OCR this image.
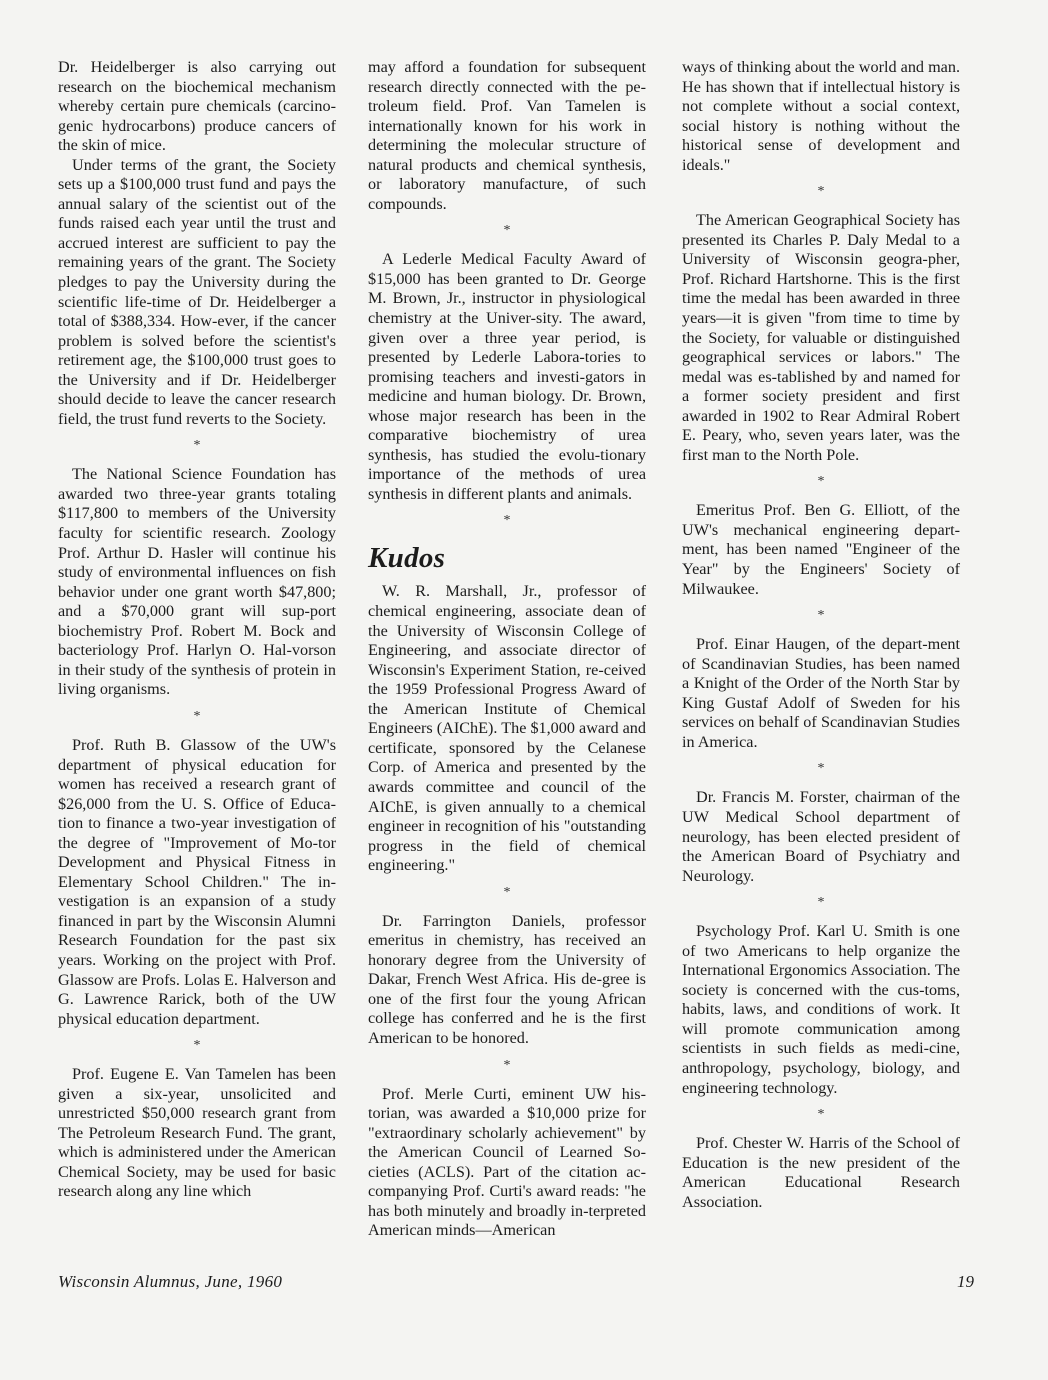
Dr. Heidelberger is also carrying out research on the biochemical mechanism whereby certain pure chemicals (carcino-genic hydrocarbons) produce cancers of the skin of mice.

Under terms of the grant, the Society sets up a $100,000 trust fund and pays the annual salary of the scientist out of the funds raised each year until the trust and accrued interest are sufficient to pay the remaining years of the grant. The Society pledges to pay the University during the scientific life-time of Dr. Heidelberger a total of $388,334. How-ever, if the cancer problem is solved before the scientist's retirement age, the $100,000 trust goes to the University and if Dr. Heidelberger should decide to leave the cancer research field, the trust fund reverts to the Society.

*

The National Science Foundation has awarded two three-year grants totaling $117,800 to members of the University faculty for scientific research. Zoology Prof. Arthur D. Hasler will continue his study of environmental influences on fish behavior under one grant worth $47,800; and a $70,000 grant will sup-port biochemistry Prof. Robert M. Bock and bacteriology Prof. Harlyn O. Hal-vorson in their study of the synthesis of protein in living organisms.

*

Prof. Ruth B. Glassow of the UW's department of physical education for women has received a research grant of $26,000 from the U. S. Office of Educa-tion to finance a two-year investigation of the degree of "Improvement of Mo-tor Development and Physical Fitness in Elementary School Children." The in-vestigation is an expansion of a study financed in part by the Wisconsin Alumni Research Foundation for the past six years. Working on the project with Prof. Glassow are Profs. Lolas E. Halverson and G. Lawrence Rarick, both of the UW physical education department.

*

Prof. Eugene E. Van Tamelen has been given a six-year, unsolicited and unrestricted $50,000 research grant from The Petroleum Research Fund. The grant, which is administered under the American Chemical Society, may be used for basic research along any line which

may afford a foundation for subsequent research directly connected with the pe-troleum field. Prof. Van Tamelen is internationally known for his work in determining the molecular structure of natural products and chemical synthesis, or laboratory manufacture, of such compounds.

*

A Lederle Medical Faculty Award of $15,000 has been granted to Dr. George M. Brown, Jr., instructor in physiological chemistry at the Univer-sity. The award, given over a three year period, is presented by Lederle Labora-tories to promising teachers and investi-gators in medicine and human biology. Dr. Brown, whose major research has been in the comparative biochemistry of urea synthesis, has studied the evolu-tionary importance of the methods of urea synthesis in different plants and animals.

*
Kudos

W. R. Marshall, Jr., professor of chemical engineering, associate dean of the University of Wisconsin College of Engineering, and associate director of Wisconsin's Experiment Station, re-ceived the 1959 Professional Progress Award of the American Institute of Chemical Engineers (AIChE). The $1,000 award and certificate, sponsored by the Celanese Corp. of America and presented by the awards committee and council of the AIChE, is given annually to a chemical engineer in recognition of his "outstanding progress in the field of chemical engineering."

*

Dr. Farrington Daniels, professor emeritus in chemistry, has received an honorary degree from the University of Dakar, French West Africa. His de-gree is one of the first four the young African college has conferred and he is the first American to be honored.

*

Prof. Merle Curti, eminent UW his-torian, was awarded a $10,000 prize for "extraordinary scholarly achievement" by the American Council of Learned So-cieties (ACLS). Part of the citation ac-companying Prof. Curti's award reads: "he has both minutely and broadly in-terpreted American minds—American

ways of thinking about the world and man. He has shown that if intellectual history is not complete without a social context, social history is nothing without the historical sense of development and ideals."

*

The American Geographical Society has presented its Charles P. Daly Medal to a University of Wisconsin geogra-pher, Prof. Richard Hartshorne. This is the first time the medal has been awarded in three years—it is given "from time to time by the Society, for valuable or distinguished geographical services or labors." The medal was es-tablished by and named for a former society president and first awarded in 1902 to Rear Admiral Robert E. Peary, who, seven years later, was the first man to the North Pole.

*

Emeritus Prof. Ben G. Elliott, of the UW's mechanical engineering depart-ment, has been named "Engineer of the Year" by the Engineers' Society of Milwaukee.

*

Prof. Einar Haugen, of the depart-ment of Scandinavian Studies, has been named a Knight of the Order of the North Star by King Gustaf Adolf of Sweden for his services on behalf of Scandinavian Studies in America.

*

Dr. Francis M. Forster, chairman of the UW Medical School department of neurology, has been elected president of the American Board of Psychiatry and Neurology.

*

Psychology Prof. Karl U. Smith is one of two Americans to help organize the International Ergonomics Association. The society is concerned with the cus-toms, habits, laws, and conditions of work. It will promote communication among scientists in such fields as medi-cine, anthropology, psychology, biology, and engineering technology.

*

Prof. Chester W. Harris of the School of Education is the new president of the American Educational Research Association.

Wisconsin Alumnus, June, 1960	19
